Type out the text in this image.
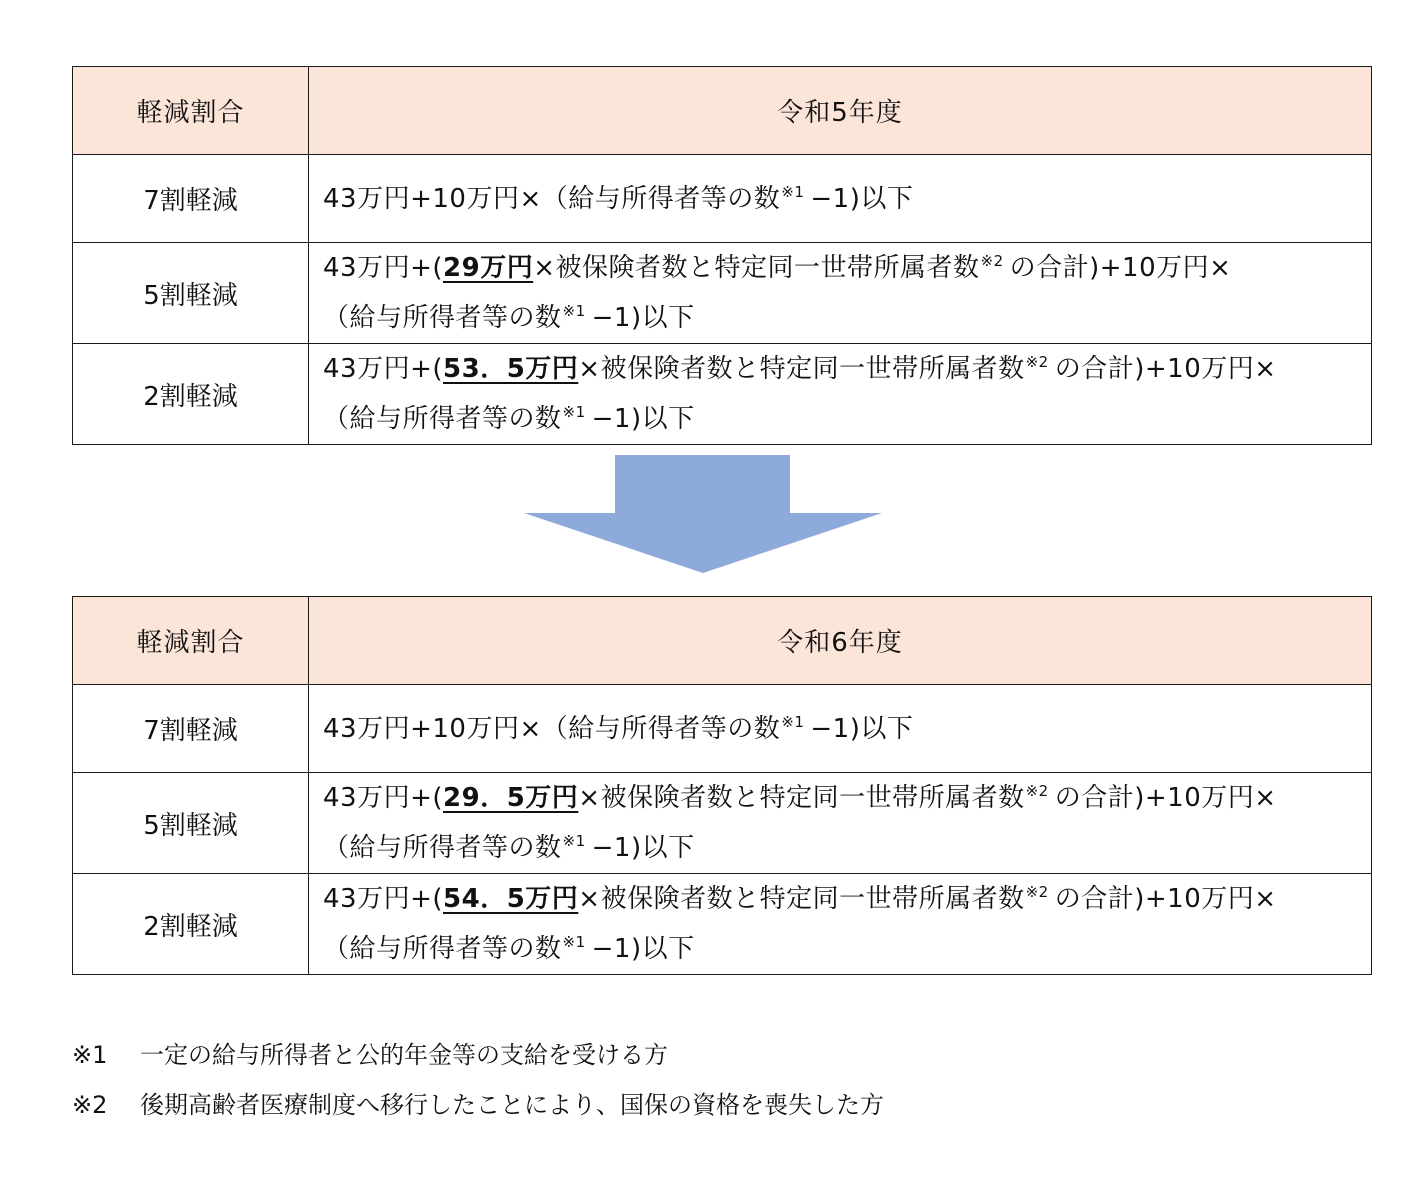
軽減割合	令和5年度
7割軽減	43万円+10万円×（給与所得者等の数$^{※1}$ −1)以下
5割軽減	43万円+(29万円×被保険者数と特定同一世帯所属者数$^{※2}$ の合計)+10万円×
（給与所得者等の数$^{※1}$ −1)以下
2割軽減	43万円+(53．5万円×被保険者数と特定同一世帯所属者数$^{※2}$ の合計)+10万円×
（給与所得者等の数$^{※1}$ −1)以下
軽減割合	令和6年度
7割軽減	43万円+10万円×（給与所得者等の数$^{※1}$ −1)以下
5割軽減	43万円+(29．5万円×被保険者数と特定同一世帯所属者数$^{※2}$ の合計)+10万円×
（給与所得者等の数$^{※1}$ −1)以下
2割軽減	43万円+(54．5万円×被保険者数と特定同一世帯所属者数$^{※2}$ の合計)+10万円×
（給与所得者等の数$^{※1}$ −1)以下
※1	一定の給与所得者と公的年金等の支給を受ける方
※2	後期高齢者医療制度へ移行したことにより、国保の資格を喪失した方
